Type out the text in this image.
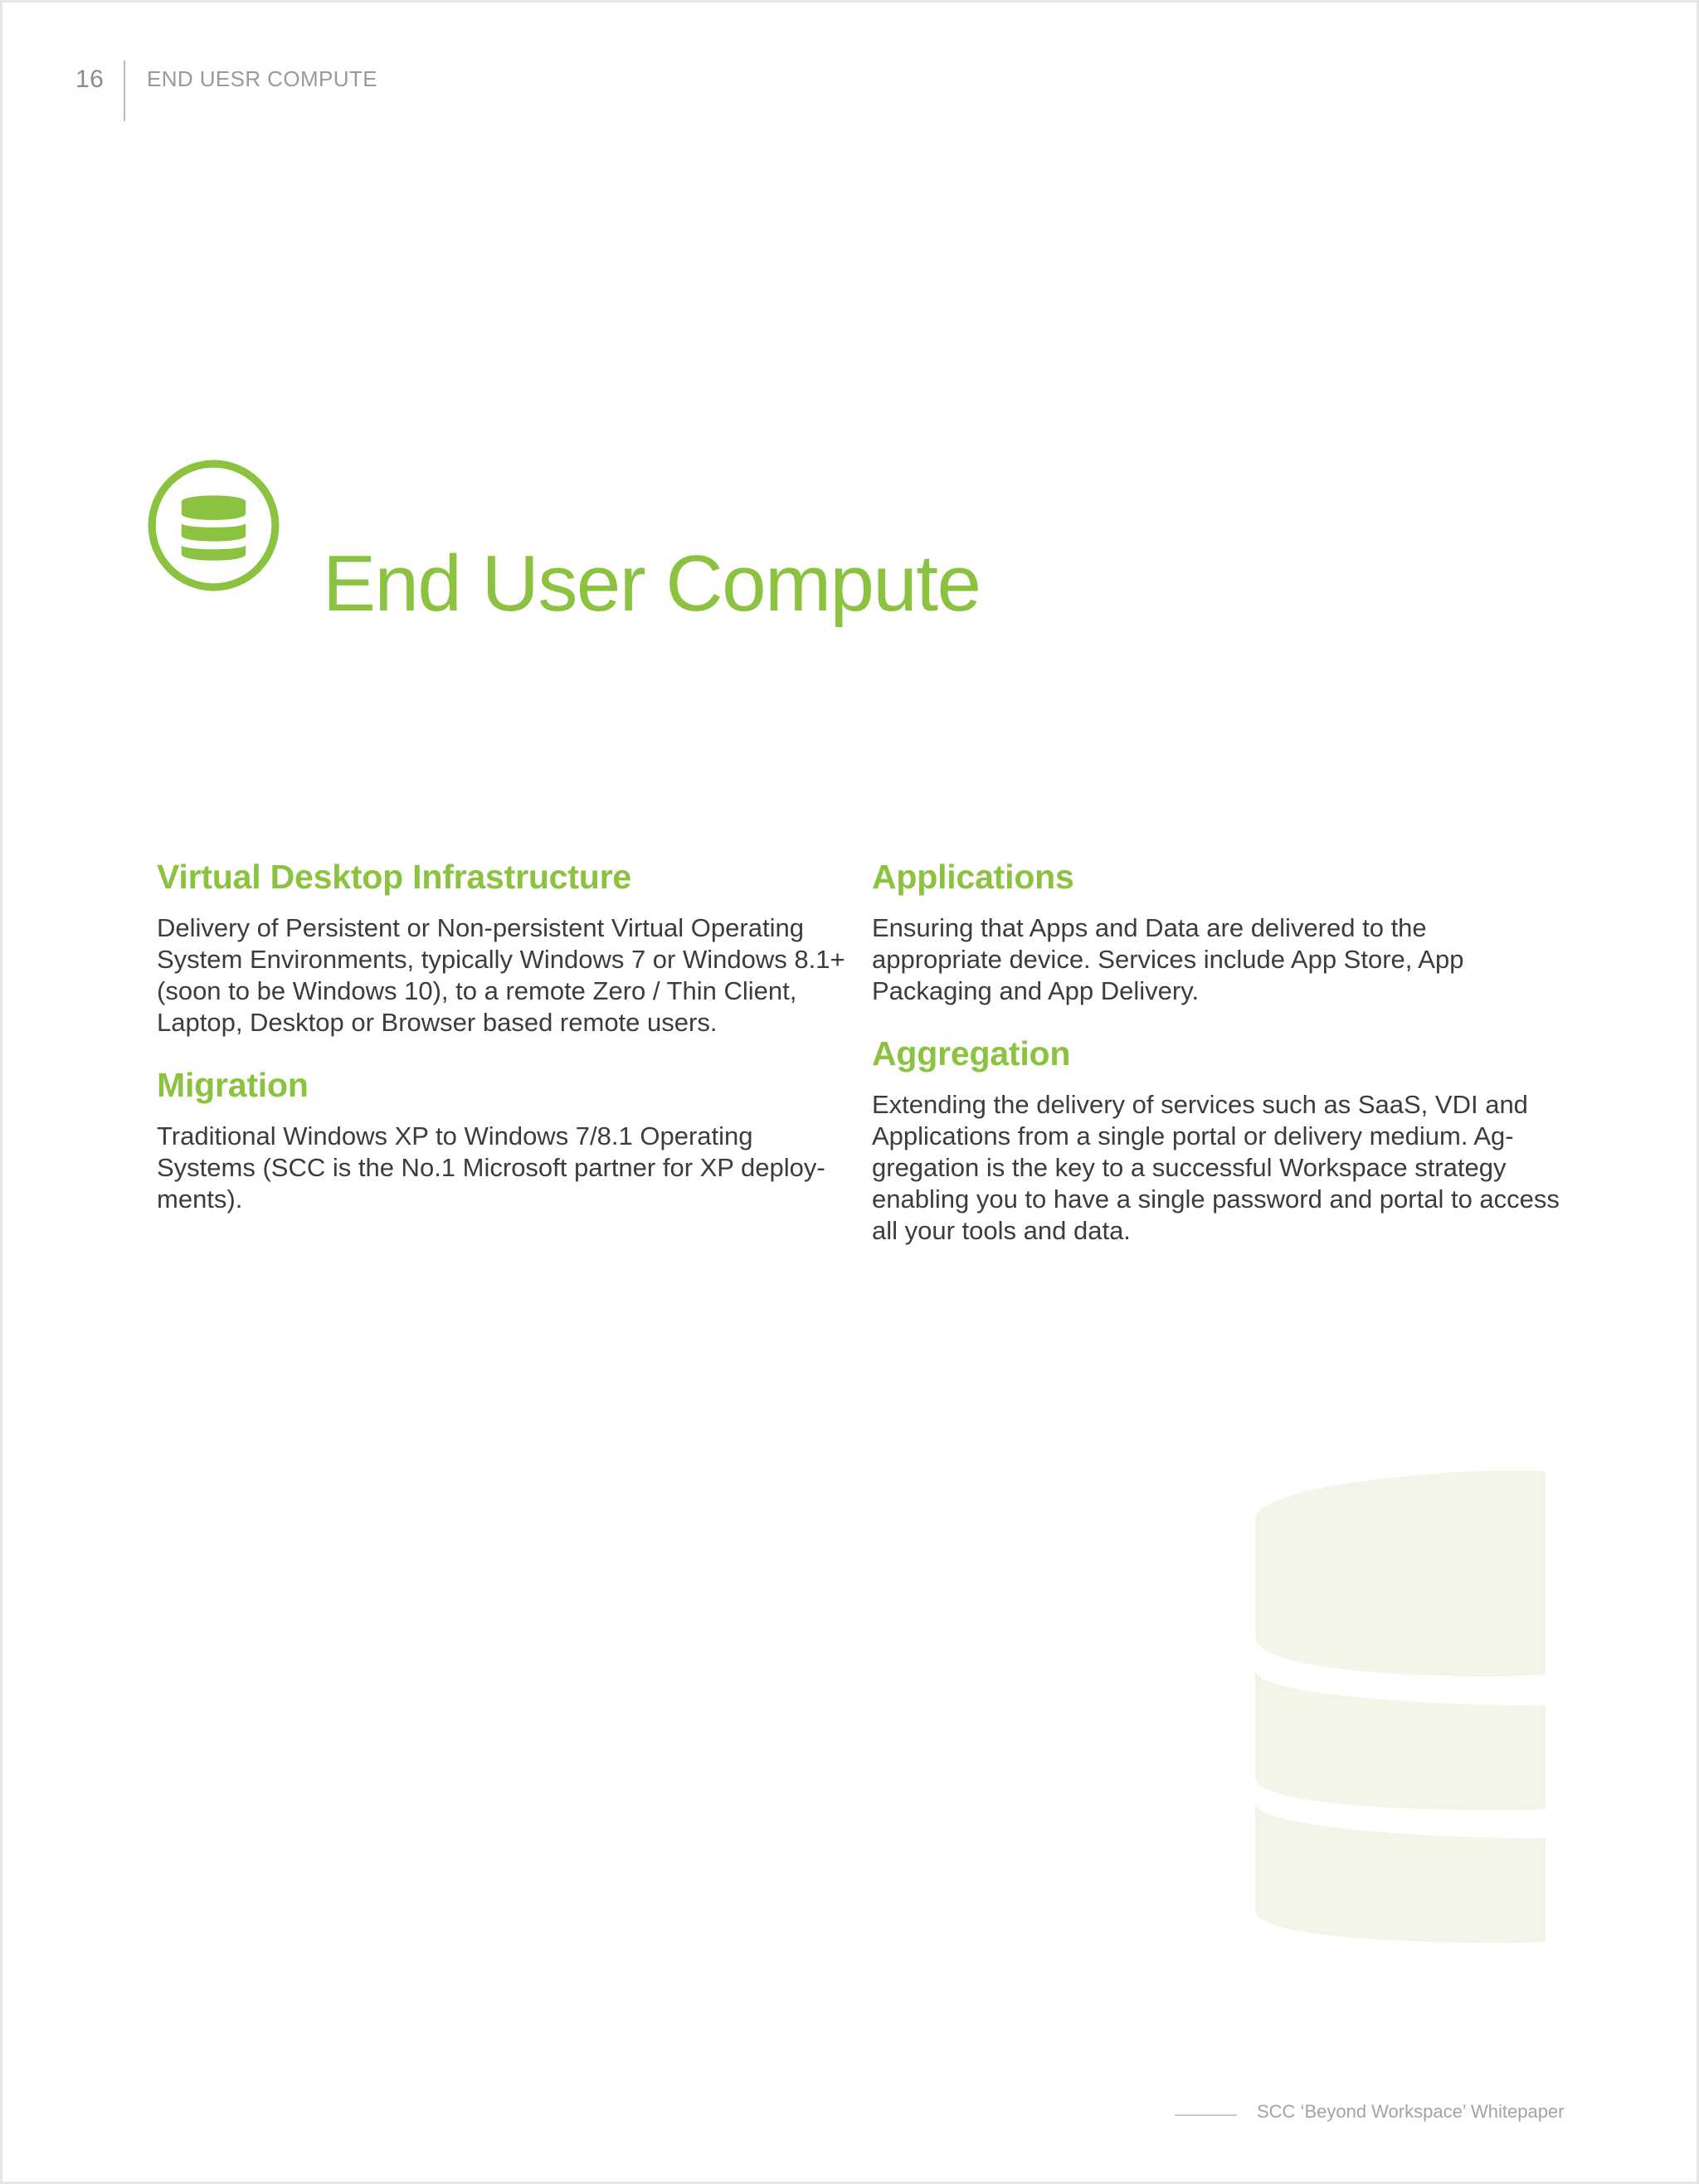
16 END UESR COMPUTE
End User Compute
Virtual Desktop Infrastructure

Delivery of Persistent or Non-persistent Virtual Operating System Environments, typically Windows 7 or Windows 8.1+ (soon to be Windows 10), to a remote Zero / Thin Client, Laptop, Desktop or Browser based remote users.

Migration

Traditional Windows XP to Windows 7/8.1 Operating Systems (SCC is the No.1 Microsoft partner for XP deploy-ments).

Applications

Ensuring that Apps and Data are delivered to the appropriate device. Services include App Store, App Packaging and App Delivery.

Aggregation

Extending the delivery of services such as SaaS, VDI and Applications from a single portal or delivery medium. Ag-gregation is the key to a successful Workspace strategy enabling you to have a single password and portal to access all your tools and data.

SCC ‘Beyond Workspace’ Whitepaper
